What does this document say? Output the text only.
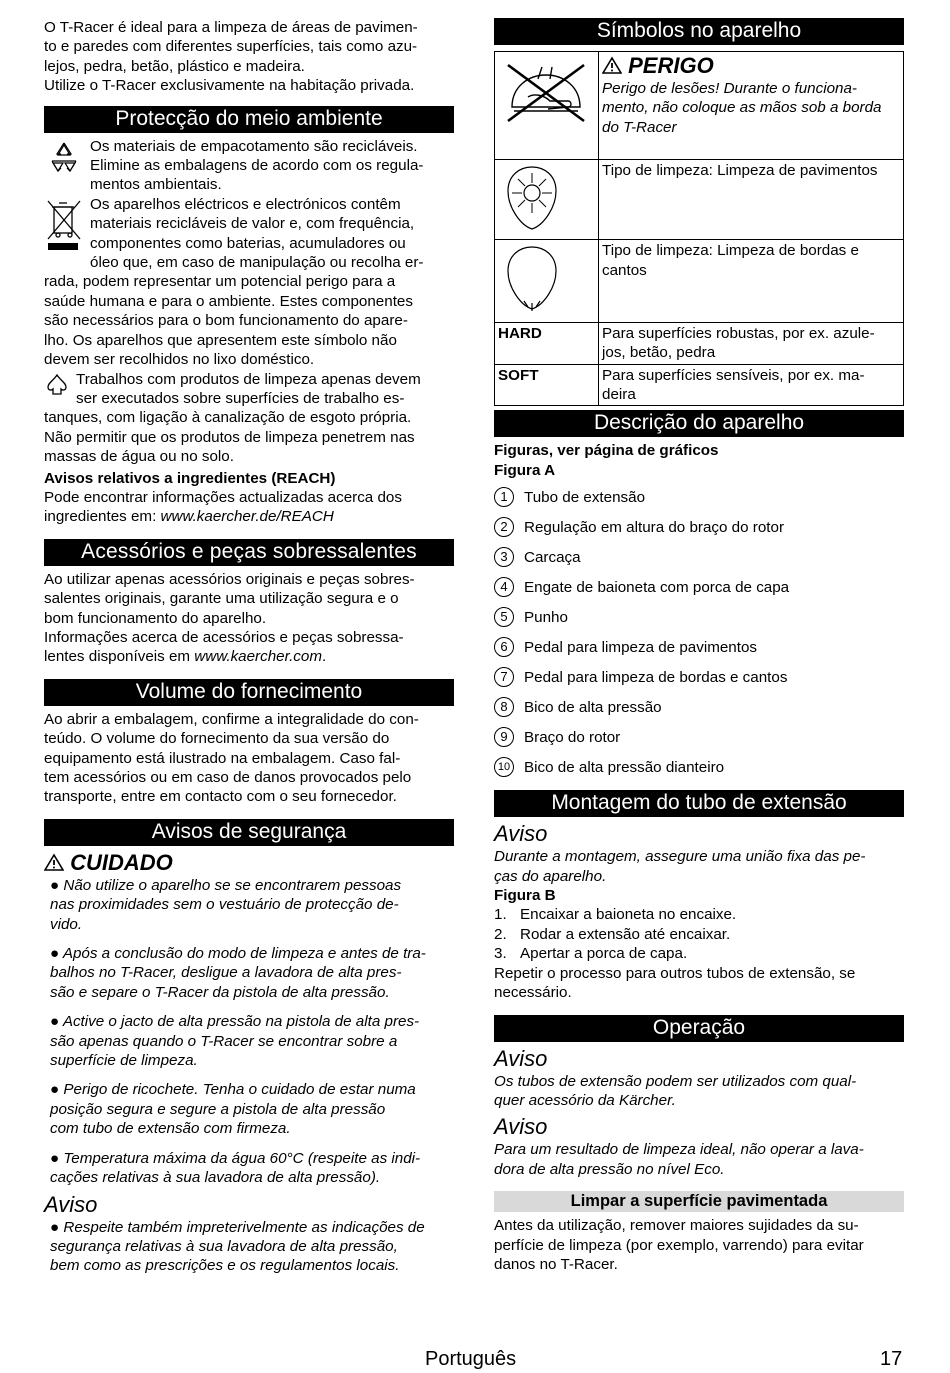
O T-Racer é ideal para a limpeza de áreas de pavimen-

to e paredes com diferentes superfícies, tais como azu-

lejos, pedra, betão, plástico e madeira.

Utilize o T-Racer exclusivamente na habitação privada.

Protecção do meio ambiente

Os materiais de empacotamento são recicláveis.

Elimine as embalagens de acordo com os regula-

mentos ambientais.

Os aparelhos eléctricos e electrónicos contêm

materiais recicláveis de valor e, com frequência,

componentes como baterias, acumuladores ou

óleo que, em caso de manipulação ou recolha er-

rada, podem representar um potencial perigo para a

saúde humana e para o ambiente. Estes componentes

são necessários para o bom funcionamento do apare-

lho. Os aparelhos que apresentem este símbolo não

devem ser recolhidos no lixo doméstico.

Trabalhos com produtos de limpeza apenas devem

ser executados sobre superfícies de trabalho es-

tanques, com ligação à canalização de esgoto própria.

Não permitir que os produtos de limpeza penetrem nas

massas de água ou no solo.

Avisos relativos a ingredientes (REACH)

Pode encontrar informações actualizadas acerca dos

ingredientes em: www.kaercher.de/REACH

Acessórios e peças sobressalentes

Ao utilizar apenas acessórios originais e peças sobres-

salentes originais, garante uma utilização segura e o

bom funcionamento do aparelho.

Informações acerca de acessórios e peças sobressa-

lentes disponíveis em www.kaercher.com.

Volume do fornecimento

Ao abrir a embalagem, confirme a integralidade do con-

teúdo. O volume do fornecimento da sua versão do

equipamento está ilustrado na embalagem. Caso fal-

tem acessórios ou em caso de danos provocados pelo

transporte, entre em contacto com o seu fornecedor.

Avisos de segurança
CUIDADO

● Não utilize o aparelho se se encontrarem pessoas

nas proximidades sem o vestuário de protecção de-

vido.

● Após a conclusão do modo de limpeza e antes de tra-

balhos no T-Racer, desligue a lavadora de alta pres-

são e separe o T-Racer da pistola de alta pressão.

● Active o jacto de alta pressão na pistola de alta pres-

são apenas quando o T-Racer se encontrar sobre a

superfície de limpeza.

● Perigo de ricochete. Tenha o cuidado de estar numa

posição segura e segure a pistola de alta pressão

com tubo de extensão com firmeza.

● Temperatura máxima da água 60°C (respeite as indi-

cações relativas à sua lavadora de alta pressão).

Aviso

● Respeite também impreterivelmente as indicações de

segurança relativas à sua lavadora de alta pressão,

bem como as prescrições e os regulamentos locais.

Símbolos no aparelho

PERIGO

Perigo de lesões! Durante o funciona-

mento, não coloque as mãos sob a borda

do T-Racer

	Tipo de limpeza: Limpeza de pavimentos

Tipo de limpeza: Limpeza de bordas e

cantos

HARD	Para superfícies robustas, por ex. azule-

jos, betão, pedra

SOFT	Para superfícies sensíveis, por ex. ma-

deira

Descrição do aparelho

Figuras, ver página de gráficos

Figura A

1	Tubo de extensão
2	Regulação em altura do braço do rotor
3	Carcaça
4	Engate de baioneta com porca de capa
5	Punho
6	Pedal para limpeza de pavimentos
7	Pedal para limpeza de bordas e cantos
8	Bico de alta pressão
9	Braço do rotor
10 Bico de alta pressão dianteiro
Montagem do tubo de extensão
Aviso

Durante a montagem, assegure uma união fixa das pe-

ças do aparelho.

Figura B

1. Encaixar a baioneta no encaixe.
2. Rodar a extensão até encaixar.
3. Apertar a porca de capa.

Repetir o processo para outros tubos de extensão, se

necessário.

Operação
Aviso

Os tubos de extensão podem ser utilizados com qual-

quer acessório da Kärcher.

Aviso

Para um resultado de limpeza ideal, não operar a lava-

dora de alta pressão no nível Eco.

Limpar a superfície pavimentada

Antes da utilização, remover maiores sujidades da su-

perfície de limpeza (por exemplo, varrendo) para evitar

danos no T-Racer.

Português	17
